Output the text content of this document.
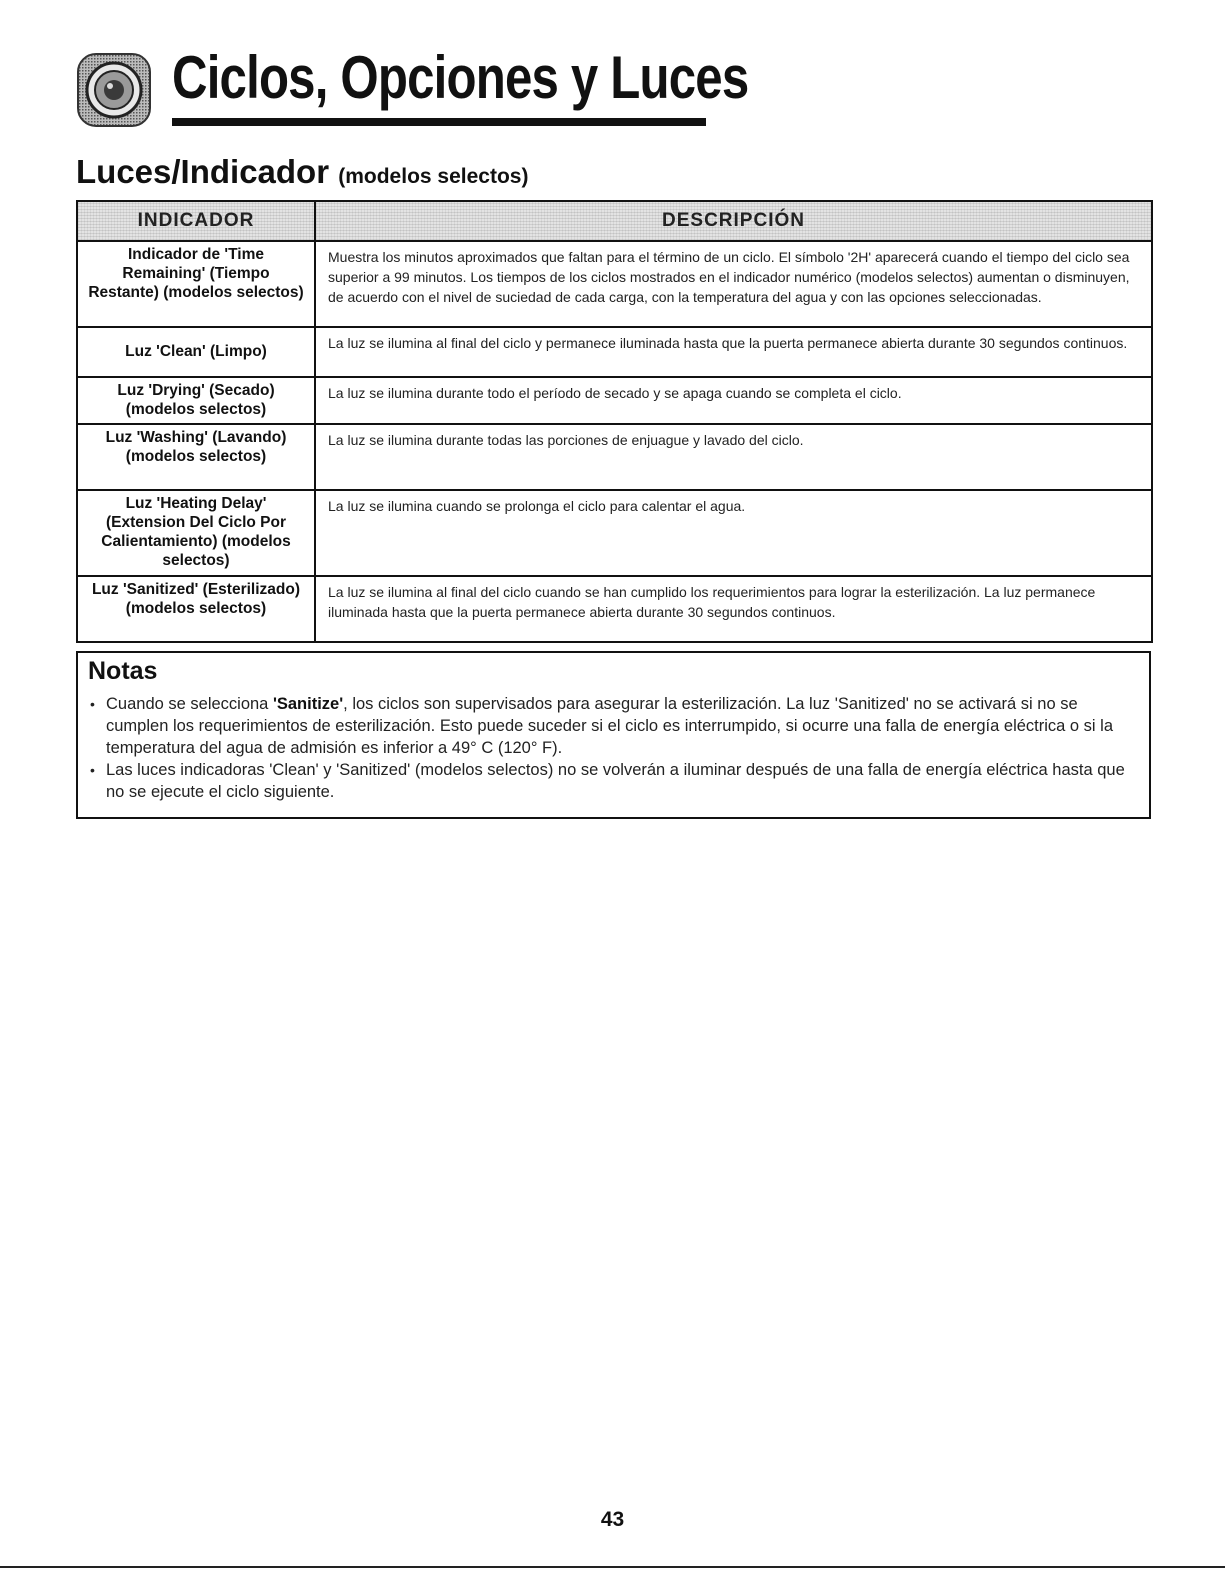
Ciclos, Opciones y Luces
Luces/Indicador (modelos selectos)
INDICADOR	DESCRIPCIÓN
Indicador de 'Time Remaining' (Tiempo Restante) (modelos selectos)	Muestra los minutos aproximados que faltan para el término de un ciclo. El símbolo '2H' aparecerá cuando el tiempo del ciclo sea superior a 99 minutos. Los tiempos de los ciclos mostrados en el indicador numérico (modelos selectos) aumentan o disminuyen, de acuerdo con el nivel de suciedad de cada carga, con la temperatura del agua y con las opciones seleccionadas.
Luz 'Clean' (Limpo)	La luz se ilumina al final del ciclo y permanece iluminada hasta que la puerta permanece abierta durante 30 segundos continuos.
Luz 'Drying' (Secado) (modelos selectos)	La luz se ilumina durante todo el período de secado y se apaga cuando se completa el ciclo.
Luz 'Washing' (Lavando) (modelos selectos)	La luz se ilumina durante todas las porciones de enjuague y lavado del ciclo.
Luz 'Heating Delay' (Extension Del Ciclo Por Calientamiento) (modelos selectos)	La luz se ilumina cuando se prolonga el ciclo para calentar el agua.
Luz 'Sanitized' (Esterilizado) (modelos selectos)	La luz se ilumina al final del ciclo cuando se han cumplido los requerimientos para lograr la esterilización. La luz permanece iluminada hasta que la puerta permanece abierta durante 30 segundos continuos.
Notas
• Cuando se selecciona 'Sanitize', los ciclos son supervisados para asegurar la esterilización. La luz 'Sanitized' no se activará si no se cumplen los requerimientos de esterilización. Esto puede suceder si el ciclo es interrumpido, si ocurre una falla de energía eléctrica o si la temperatura del agua de admisión es inferior a 49° C (120° F).
• Las luces indicadoras 'Clean' y 'Sanitized' (modelos selectos) no se volverán a iluminar después de una falla de energía eléctrica hasta que no se ejecute el ciclo siguiente.
43
